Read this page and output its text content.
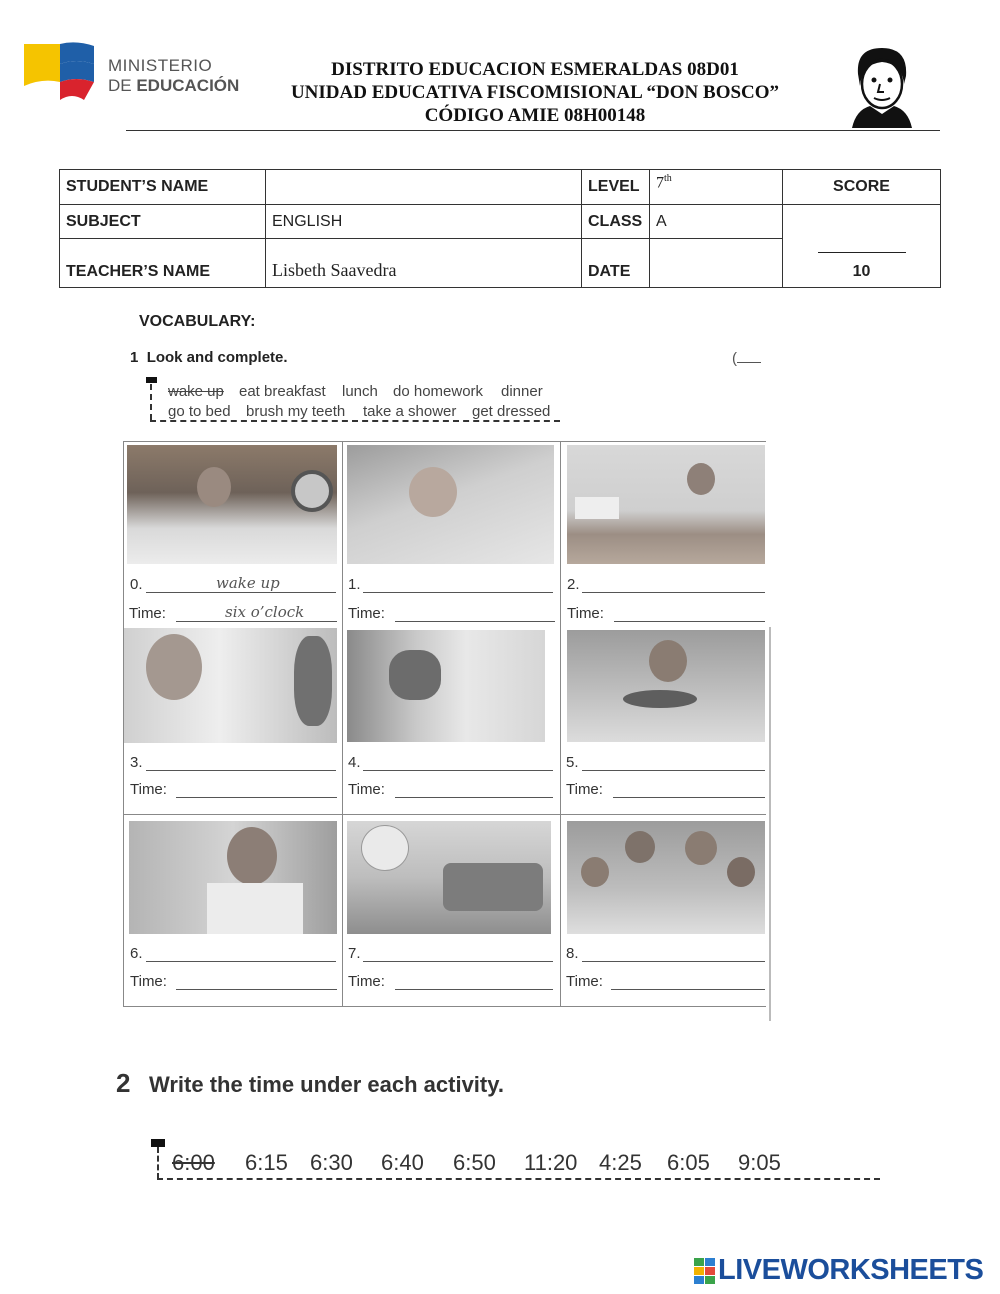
MINISTERIO
DE EDUCACIÓN
DISTRITO EDUCACION ESMERALDAS 08D01
UNIDAD EDUCATIVA FISCOMISIONAL “DON BOSCO”
CÓDIGO AMIE 08H00148
STUDENT’S NAME		LEVEL	7th	SCORE
SUBJECT	ENGLISH	CLASS	A	10
TEACHER’S NAME	Lisbeth Saavedra	DATE		
VOCABULARY:
1 Look and complete.	(
wake up eat breakfast lunch do homework dinner
go to bed brush my teeth take a shower get dressed
0.	wake up
Time:	six o’clock
1.
Time:
2.
Time:
3.
Time:
4.
Time:
5.
Time:
6.
Time:
7.
Time:
8.
Time:
2 Write the time under each activity.
6:00 6:15 6:30 6:40 6:50 11:20 4:25 6:05 9:05
LIVEWORKSHEETS
